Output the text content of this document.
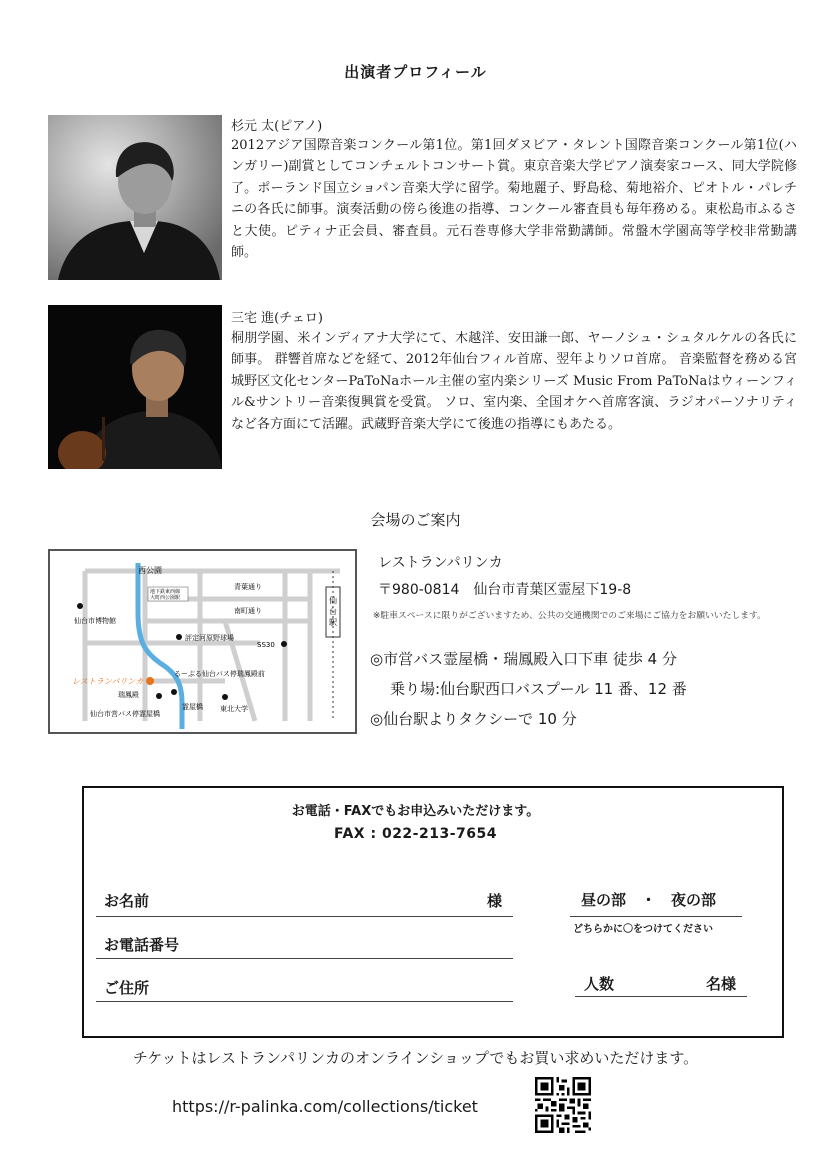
出演者プロフィール
杉元 太(ピアノ)
2012アジア国際音楽コンクール第1位。第1回ダヌビア・タレント国際音楽コンクール第1位(ハンガリー)副賞としてコンチェルトコンサート賞。東京音楽大学ピアノ演奏家コース、同大学院修了。ポーランド国立ショパン音楽大学に留学。菊地麗子、野島稔、菊地裕介、ピオトル・パレチニの各氏に師事。演奏活動の傍ら後進の指導、コンクール審査員も毎年務める。東松島市ふるさと大使。ピティナ正会員、審査員。元石巻専修大学非常勤講師。常盤木学園高等学校非常勤講師。
三宅 進(チェロ)
桐朋学園、米インディアナ大学にて、木越洋、安田謙一郎、ヤーノシュ・シュタルケルの各氏に師事。 群響首席などを経て、2012年仙台フィル首席、翌年よりソロ首席。 音楽監督を務める宮城野区文化センターPaToNaホール主催の室内楽シリーズ Music From PaToNaはウィーンフィル&サントリー音楽復興賞を受賞。 ソロ、室内楽、全国オケへ首席客演、ラジオパーソナリティなど各方面にて活躍。武蔵野音楽大学にて後進の指導にもあたる。
会場のご案内
仙
台
駅
西公園
地下鉄東西線
大町西公園駅
青葉通り
南町通り
仙台市博物館
評定河原野球場
SS30
るーぷる仙台バス停瑞鳳殿前
レストランパリンカ
瑞鳳殿
仙台市営バス停霊屋橋
霊屋橋 東北大学
レストランパリンカ
〒980-0814　仙台市青葉区霊屋下19-8
※駐車スペースに限りがございますため、公共の交通機関でのご来場にご協力をお願いいたします。
◎市営バス霊屋橋・瑞鳳殿入口下車 徒歩 4 分
乗り場:仙台駅西口バスプール 11 番、12 番
◎仙台駅よりタクシーで 10 分
お電話・FAXでもお申込みいただけます。
FAX : 022-213-7654
お名前	様
お電話番号
ご住所
昼の部　・　夜の部
どちらかに〇をつけてください
人数	名様
チケットはレストランパリンカのオンラインショップでもお買い求めいただけます。
https://r-palinka.com/collections/ticket
